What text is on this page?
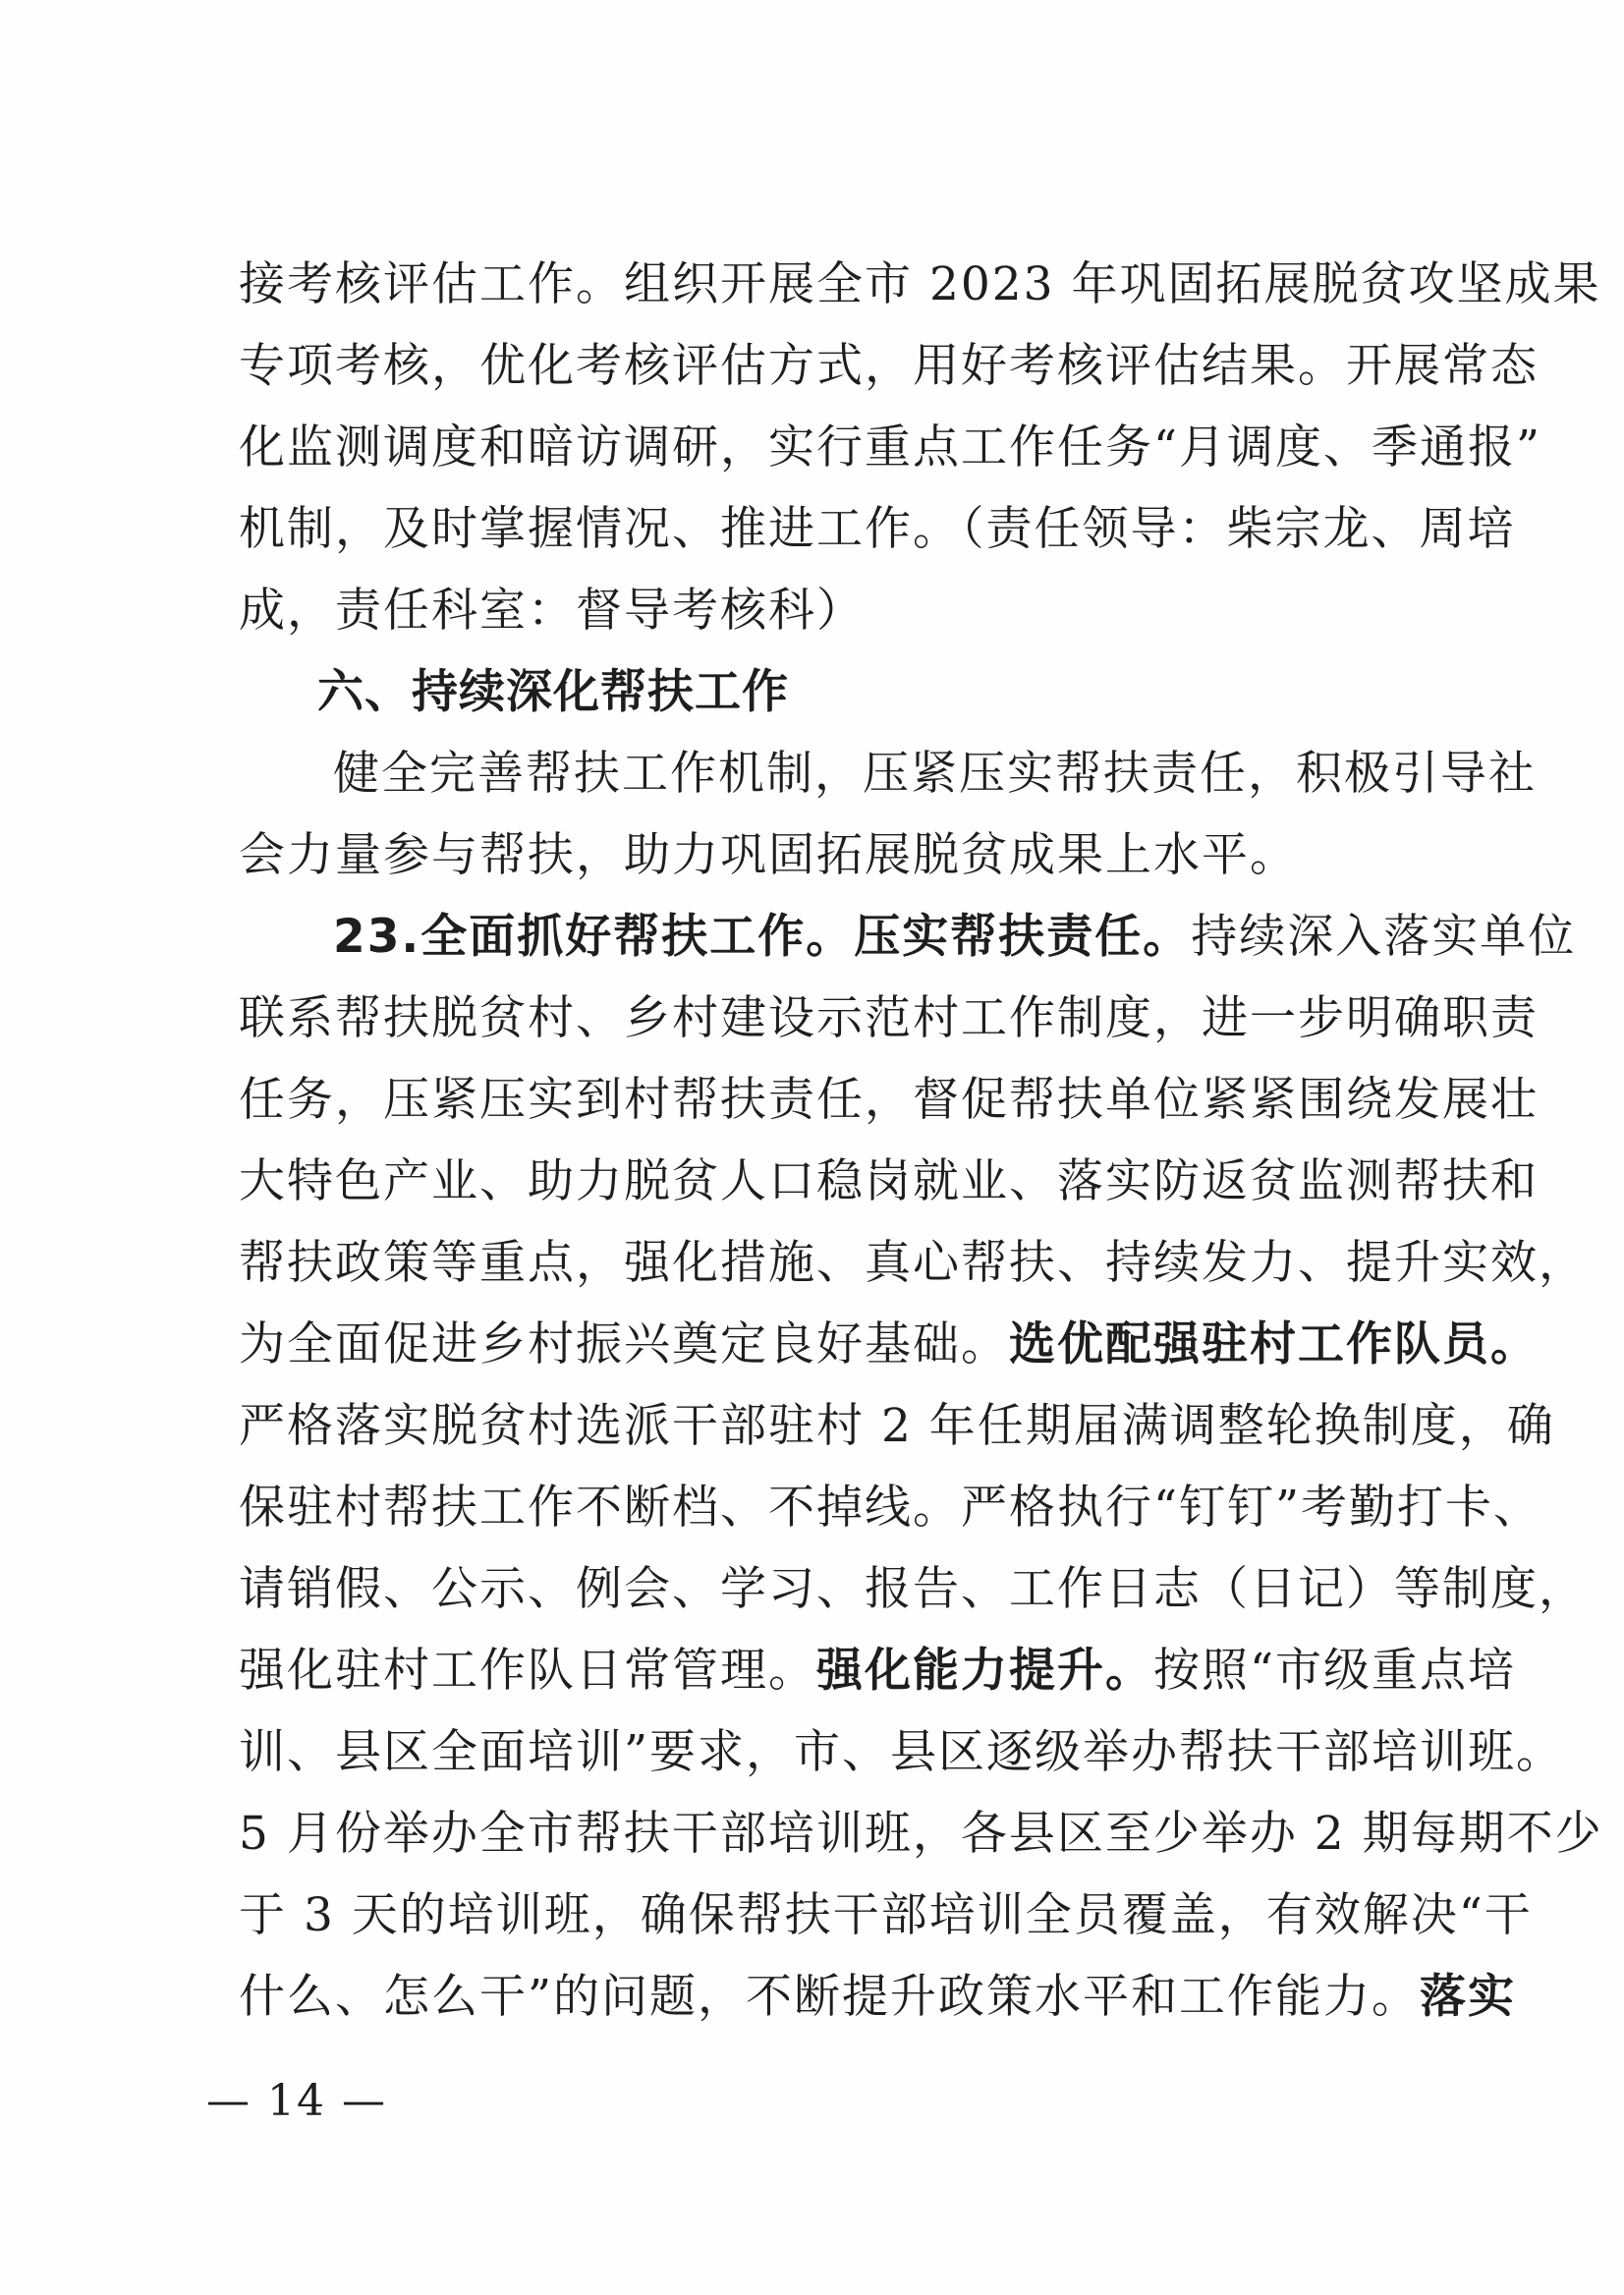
接考核评估工作。组织开展全市 2023 年巩固拓展脱贫攻坚成果
专项考核，优化考核评估方式，用好考核评估结果。开展常态
化监测调度和暗访调研，实行重点工作任务“月调度、季通报”
机制，及时掌握情况、推进工作。（责任领导：柴宗龙、周培
成，责任科室：督导考核科）
六、持续深化帮扶工作
健全完善帮扶工作机制，压紧压实帮扶责任，积极引导社
会力量参与帮扶，助力巩固拓展脱贫成果上水平。
23.全面抓好帮扶工作。压实帮扶责任。持续深入落实单位
联系帮扶脱贫村、乡村建设示范村工作制度，进一步明确职责
任务，压紧压实到村帮扶责任，督促帮扶单位紧紧围绕发展壮
大特色产业、助力脱贫人口稳岗就业、落实防返贫监测帮扶和
帮扶政策等重点，强化措施、真心帮扶、持续发力、提升实效，
为全面促进乡村振兴奠定良好基础。选优配强驻村工作队员。
严格落实脱贫村选派干部驻村 2 年任期届满调整轮换制度，确
保驻村帮扶工作不断档、不掉线。严格执行“钉钉”考勤打卡、
请销假、公示、例会、学习、报告、工作日志（日记）等制度，
强化驻村工作队日常管理。强化能力提升。按照“市级重点培
训、县区全面培训”要求，市、县区逐级举办帮扶干部培训班。
5 月份举办全市帮扶干部培训班，各县区至少举办 2 期每期不少
于 3 天的培训班，确保帮扶干部培训全员覆盖，有效解决“干
什么、怎么干”的问题，不断提升政策水平和工作能力。落实
— 14 —
